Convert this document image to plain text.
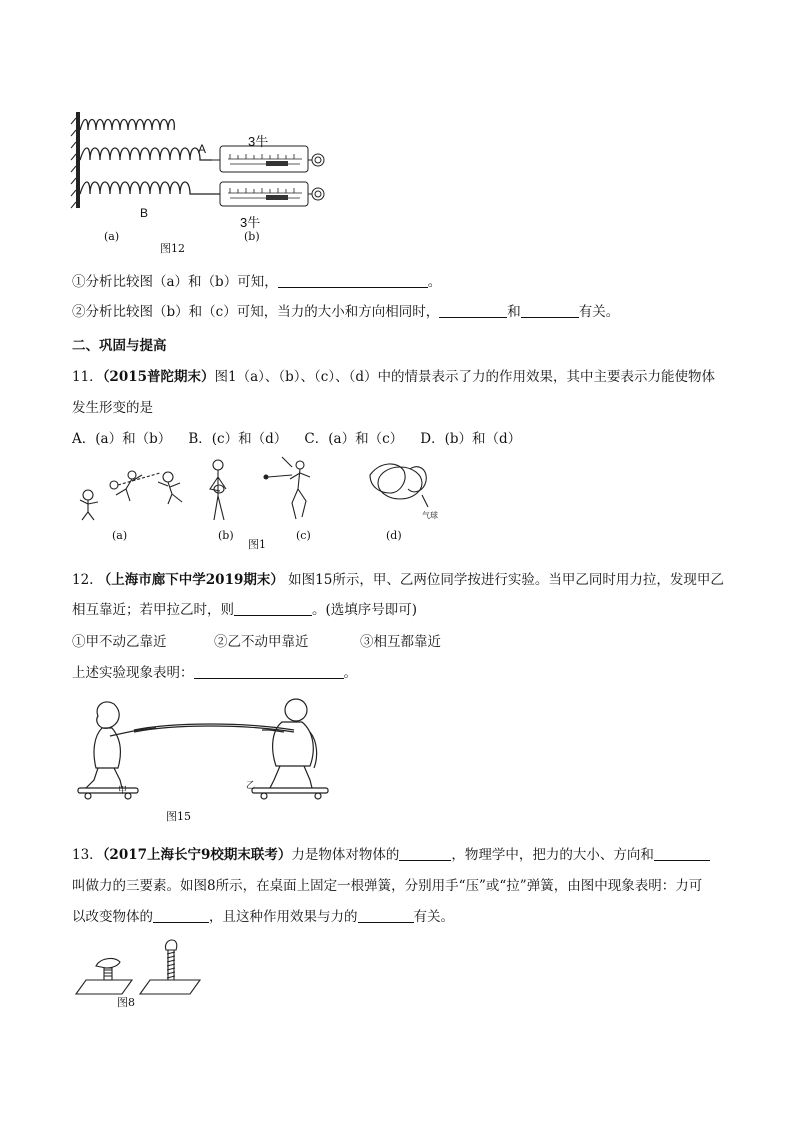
3牛
A
B
3牛
(a)	(b)
图12
①分析比较图（a）和（b）可知，	。
②分析比较图（b）和（c）可知，当力的大小和方向相同时，	和	有关。
二、巩固与提高
11．（2015普陀期末）图1（a）、（b）、（c）、（d）中的情景表示了力的作用效果，其中主要表示力能使物体
发生形变的是
A．(a）和（b）    B．(c）和（d）    C．(a）和（c）    D．(b）和（d）
(a)	(b)
图1
(c)	(d)
气球
12. （上海市廊下中学2019期末） 如图15所示，甲、乙两位同学按进行实验。当甲乙同时用力拉，发现甲乙
相互靠近；若甲拉乙时，则	。(选填序号即可)
①甲不动乙靠近	②乙不动甲靠近	③相互都靠近
上述实验现象表明：	。
甲	乙
图15
13．（2017上海长宁9校期末联考）力是物体对物体的	，物理学中，把力的大小、方向和
叫做力的三要素。如图8所示，在桌面上固定一根弹簧，分别用手“压”或“拉”弹簧，由图中现象表明：力可
以改变物体的	，且这种作用效果与力的	有关。
图8
